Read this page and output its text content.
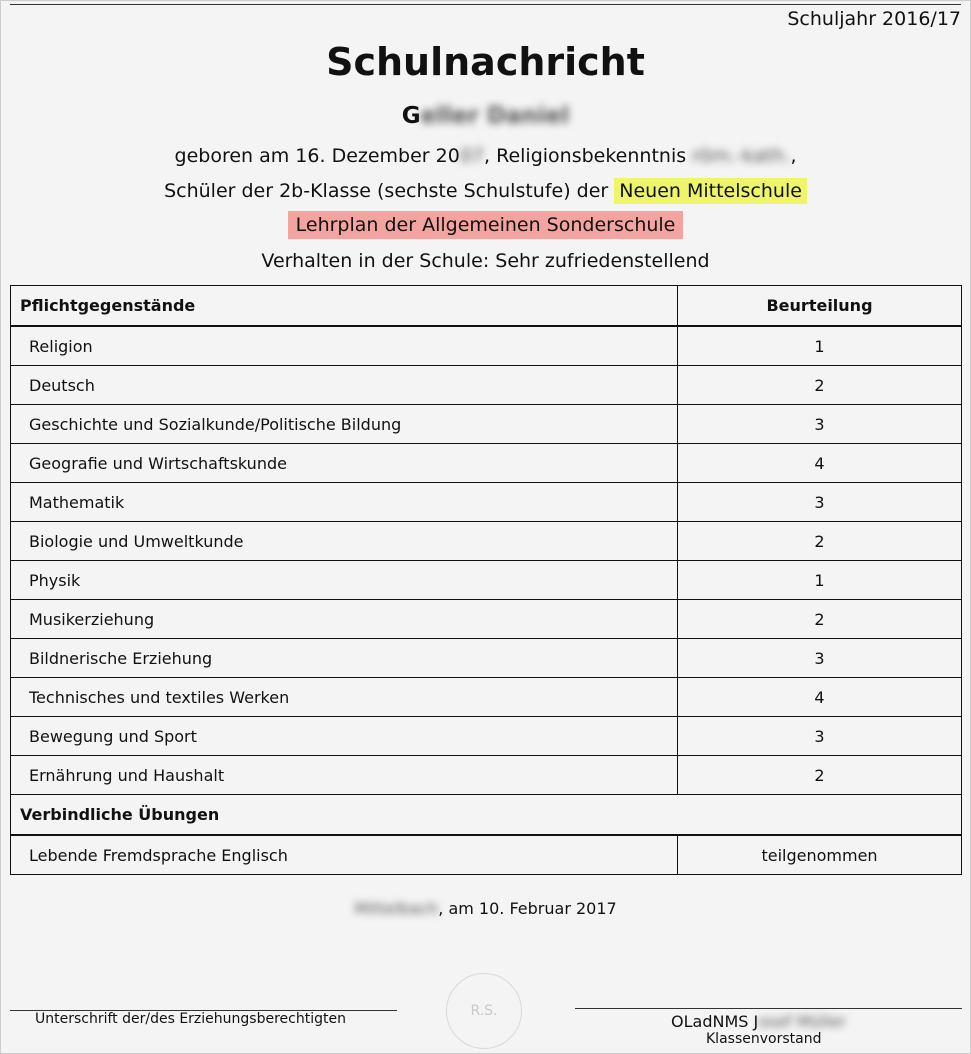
Schuljahr 2016/17
Schulnachricht
Geller Daniel
geboren am 16. Dezember 2007, Religionsbekenntnis röm.-kath.,
Schüler der 2b-Klasse (sechste Schulstufe) der Neuen Mittelschule
Lehrplan der Allgemeinen Sonderschule
Verhalten in der Schule: Sehr zufriedenstellend
Pflichtgegenstände	Beurteilung
Religion	1
Deutsch	2
Geschichte und Sozialkunde/Politische Bildung	3
Geografie und Wirtschaftskunde	4
Mathematik	3
Biologie und Umweltkunde	2
Physik	1
Musikerziehung	2
Bildnerische Erziehung	3
Technisches und textiles Werken	4
Bewegung und Sport	3
Ernährung und Haushalt	2
Verbindliche Übungen	
Lebende Fremdsprache Englisch	teilgenommen
Mittelbach, am 10. Februar 2017
Unterschrift der/des Erziehungsberechtigten	R.S.
OLadNMS Josef Müller
Klassenvorstand
